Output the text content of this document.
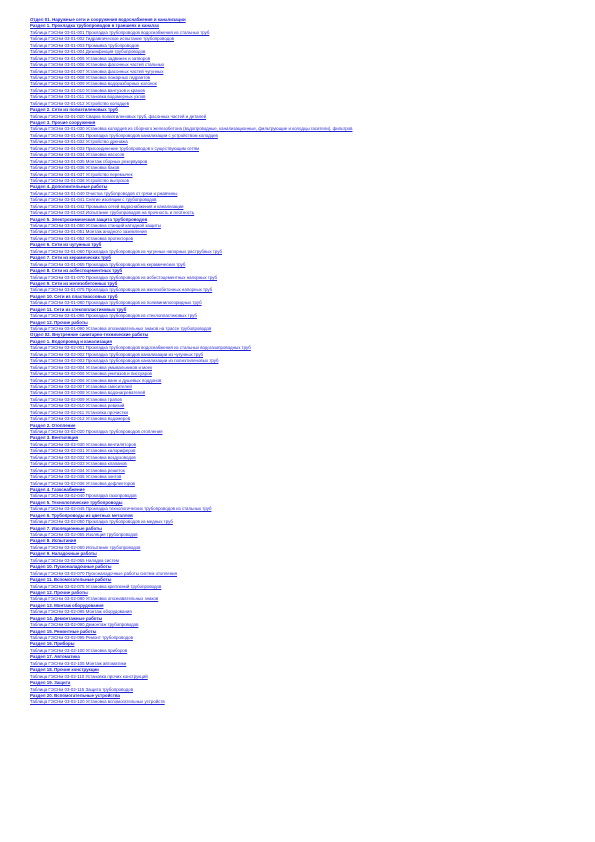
Отдел 01. Наружные сети и сооружения водоснабжения и канализации
Раздел 1. Прокладка трубопроводов в траншеях и каналах
Таблица ГЭСНм 03-01-001 Прокладка трубопроводов водоснабжения из стальных труб
Таблица ГЭСНм 03-01-002 Гидравлическое испытание трубопроводов
Таблица ГЭСНм 03-01-003 Промывка трубопроводов
Таблица ГЭСНм 03-01-004 Дезинфекция трубопроводов
Таблица ГЭСНм 03-01-005 Установка задвижек и затворов
Таблица ГЭСНм 03-01-006 Установка фасонных частей стальных
Таблица ГЭСНм 03-01-007 Установка фасонных частей чугунных
Таблица ГЭСНм 03-01-008 Установка пожарных гидрантов
Таблица ГЭСНм 03-01-009 Установка водоразборных колонок
Таблица ГЭСНм 03-01-010 Установка вантузов и кранов
Таблица ГЭСНм 03-01-011 Установка водомерных узлов
Таблица ГЭСНм 03-01-012 Устройство колодцев
Раздел 2. Сети из полиэтиленовых труб
Таблица ГЭСНм 03-01-020 Сварка полиэтиленовых труб, фасонных частей и деталей
Раздел 3. Прочие сооружения
Таблица ГЭСНм 03-01-030 Установка колодцев из сборного железобетона (водопроводные, канализационные, фильтрующие и колодцы гасители), фильтров
Таблица ГЭСНм 03-01-031 Прокладка трубопроводов канализации с устройством колодцев
Таблица ГЭСНм 03-01-032 Устройство дренажа
Таблица ГЭСНм 03-01-033 Присоединение трубопроводов к существующим сетям
Таблица ГЭСНм 03-01-034 Установка насосов
Таблица ГЭСНм 03-01-035 Монтаж сборных резервуаров
Таблица ГЭСНм 03-01-036 Установка баков
Таблица ГЭСНм 03-01-037 Устройство перемычек
Таблица ГЭСНм 03-01-038 Устройство выпусков
Раздел 4. Дополнительные работы
Таблица ГЭСНм 03-01-040 Очистка трубопроводов от грязи и ржавчины
Таблица ГЭСНм 03-01-041 Снятие изоляции с трубопроводов
Таблица ГЭСНм 03-01-042 Промывка сетей водоснабжения и канализации
Таблица ГЭСНм 03-01-043 Испытание трубопроводов на прочность и плотность
Раздел 5. Электрохимическая защита трубопроводов
Таблица ГЭСНм 03-01-050 Установка станций катодной защиты
Таблица ГЭСНм 03-01-051 Монтаж анодного заземления
Таблица ГЭСНм 03-01-052 Установка протекторов
Раздел 6. Сети из чугунных труб
Таблица ГЭСНм 03-01-060 Прокладка трубопроводов из чугунных напорных раструбных труб
Раздел 7. Сети из керамических труб
Таблица ГЭСНм 03-01-065 Прокладка трубопроводов из керамических труб
Раздел 8. Сети из асбестоцементных труб
Таблица ГЭСНм 03-01-070 Прокладка трубопроводов из асбестоцементных напорных труб
Раздел 9. Сети из железобетонных труб
Таблица ГЭСНм 03-01-075 Прокладка трубопроводов из железобетонных напорных труб
Раздел 10. Сети из пластмассовых труб
Таблица ГЭСНм 03-01-080 Прокладка трубопроводов из поливинилхлоридных труб
Раздел 11. Сети из стеклопластиковых труб
Таблица ГЭСНм 03-01-085 Прокладка трубопроводов из стеклопластиковых труб
Раздел 12. Прочие работы
Таблица ГЭСНм 03-01-090 Установка опознавательных знаков на трассе трубопроводов
Отдел 02. Внутренние санитарно-технические работы
Раздел 1. Водопровод и канализация
Таблица ГЭСНм 03-02-001 Прокладка трубопроводов водоснабжения из стальных водогазопроводных труб
Таблица ГЭСНм 03-02-002 Прокладка трубопроводов канализации из чугунных труб
Таблица ГЭСНм 03-02-003 Прокладка трубопроводов канализации из полиэтиленовых труб
Таблица ГЭСНм 03-02-004 Установка умывальников и моек
Таблица ГЭСНм 03-02-005 Установка унитазов и писсуаров
Таблица ГЭСНм 03-02-006 Установка ванн и душевых поддонов
Таблица ГЭСНм 03-02-007 Установка смесителей
Таблица ГЭСНм 03-02-008 Установка водонагревателей
Таблица ГЭСНм 03-02-009 Установка трапов
Таблица ГЭСНм 03-02-010 Установка ревизий
Таблица ГЭСНм 03-02-011 Установка прочистки
Таблица ГЭСНм 03-02-012 Установка водомеров
Раздел 2. Отопление
Таблица ГЭСНм 03-02-020 Прокладка трубопроводов отопления
Раздел 3. Вентиляция
Таблица ГЭСНм 03-02-030 Установка вентиляторов
Таблица ГЭСНм 03-02-031 Установка калориферов
Таблица ГЭСНм 03-02-032 Установка воздуховодов
Таблица ГЭСНм 03-02-033 Установка клапанов
Таблица ГЭСНм 03-02-034 Установка решеток
Таблица ГЭСНм 03-02-035 Установка зонтов
Таблица ГЭСНм 03-02-036 Установка дефлекторов
Раздел 4. Газоснабжение
Таблица ГЭСНм 03-02-040 Прокладка газопроводов
Раздел 5. Технологические трубопроводы
Таблица ГЭСНм 03-02-045 Прокладка технологических трубопроводов из стальных труб
Раздел 6. Трубопроводы из цветных металлов
Таблица ГЭСНм 03-02-050 Прокладка трубопроводов из медных труб
Раздел 7. Изоляционные работы
Таблица ГЭСНм 03-02-055 Изоляция трубопроводов
Раздел 8. Испытания
Таблица ГЭСНм 03-02-060 Испытание трубопроводов
Раздел 9. Наладочные работы
Таблица ГЭСНм 03-02-065 Наладка систем
Раздел 10. Пусконаладочные работы
Таблица ГЭСНм 03-02-070 Пусконаладочные работы систем отопления
Раздел 11. Вспомогательные работы
Таблица ГЭСНм 03-02-075 Установка креплений трубопроводов
Раздел 12. Прочие работы
Таблица ГЭСНм 03-02-080 Установка опознавательных знаков
Раздел 13. Монтаж оборудования
Таблица ГЭСНм 03-02-085 Монтаж оборудования
Раздел 14. Демонтажные работы
Таблица ГЭСНм 03-02-090 Демонтаж трубопроводов
Раздел 15. Ремонтные работы
Таблица ГЭСНм 03-02-095 Ремонт трубопроводов
Раздел 16. Приборы
Таблица ГЭСНм 03-02-100 Установка приборов
Раздел 17. Автоматика
Таблица ГЭСНм 03-02-105 Монтаж автоматики
Раздел 18. Прочие конструкции
Таблица ГЭСНм 03-02-110 Установка прочих конструкций
Раздел 19. Защита
Таблица ГЭСНм 03-02-115 Защита трубопроводов
Раздел 20. Вспомогательные устройства
Таблица ГЭСНм 03-02-120 Установка вспомогательных устройств
